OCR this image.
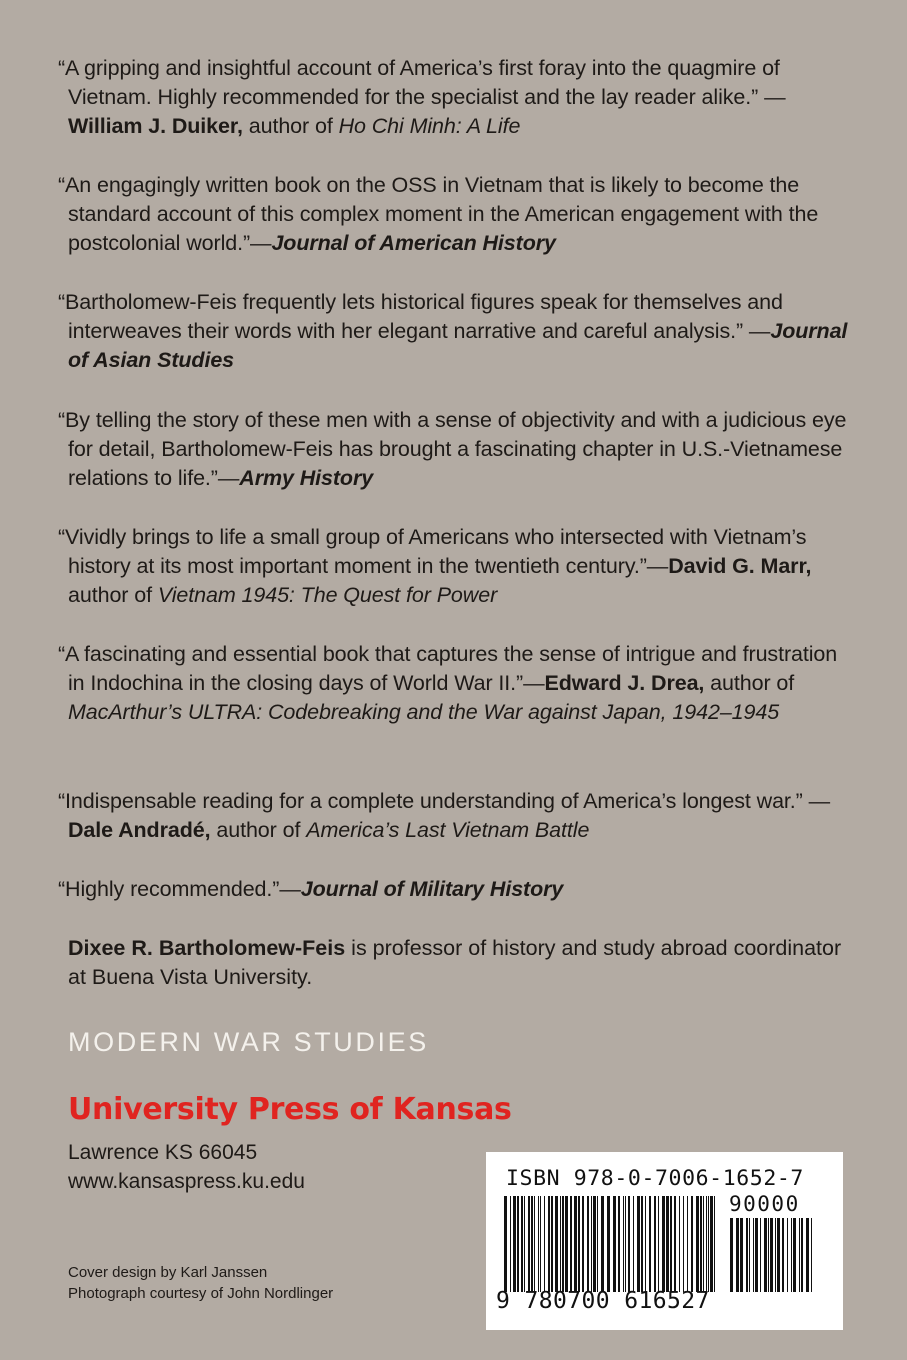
“A gripping and insightful account of America’s first foray into the quagmire of Vietnam. Highly recommended for the specialist and the lay reader alike.” —William J. Duiker, author of Ho Chi Minh: A Life
“An engagingly written book on the OSS in Vietnam that is likely to become the standard account of this complex moment in the American engagement with the postcolonial world.”—Journal of American History
“Bartholomew-Feis frequently lets historical figures speak for themselves and interweaves their words with her elegant narrative and careful analysis.” —Journal of Asian Studies
“By telling the story of these men with a sense of objectivity and with a judicious eye for detail, Bartholomew-Feis has brought a fascinating chapter in U.S.-Vietnamese relations to life.”—Army History
“Vividly brings to life a small group of Americans who intersected with Vietnam’s history at its most important moment in the twentieth century.”—David G. Marr, author of Vietnam 1945: The Quest for Power
“A fascinating and essential book that captures the sense of intrigue and frustration in Indochina in the closing days of World War II.”—Edward J. Drea, author of MacArthur’s ULTRA: Codebreaking and the War against Japan, 1942–1945
“Indispensable reading for a complete understanding of America’s longest war.” —Dale Andradé, author of America’s Last Vietnam Battle
“Highly recommended.”—Journal of Military History
Dixee R. Bartholomew-Feis is professor of history and study abroad coordinator at Buena Vista University.
MODERN WAR STUDIES
University Press of Kansas
Lawrence KS 66045
www.kansaspress.ku.edu
Cover design by Karl Janssen
Photograph courtesy of John Nordlinger
ISBN 978-0-7006-1652-7
90000
9 780700 616527
